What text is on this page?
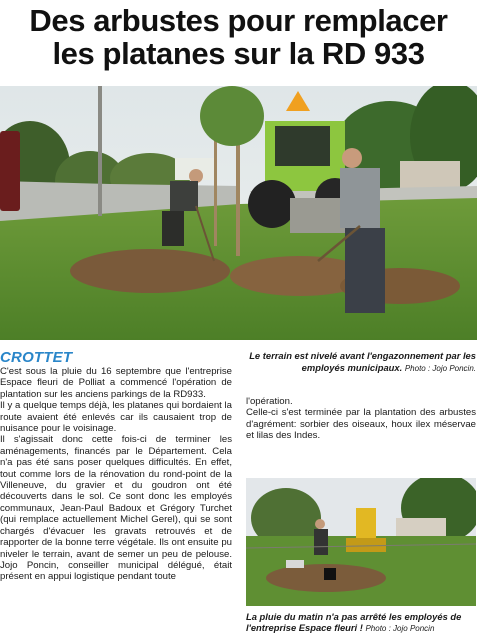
Des arbustes pour remplacer
les platanes sur la RD 933
CROTTET

C'est sous la pluie du 16 septembre que l'entreprise Espace fleuri de Polliat a commencé l'opération de plantation sur les anciens parkings de la RD933.

Il y a quelque temps déjà, les platanes qui bordaient la route avaient été enlevés car ils causaient trop de nuisance pour le voisinage.

Il s'agissait donc cette fois-ci de terminer les aménagements, financés par le Département. Cela n'a pas été sans poser quelques difficultés. En effet, tout comme lors de la rénovation du rond-point de la Villeneuve, du gravier et du goudron ont été découverts dans le sol. Ce sont donc les employés communaux, Jean-Paul Badoux et Grégory Turchet (qui remplace actuellement Michel Gerel), qui se sont chargés d'évacuer les gravats retrouvés et de rapporter de la bonne terre végétale. Ils ont ensuite pu niveler le terrain, avant de semer un peu de pelouse. Jojo Poncin, conseiller municipal délégué, était présent en appui logistique pendant toute

Le terrain est nivelé avant l'engazonnement par les employés municipaux. Photo : Jojo Poncin.

l'opération.

Celle-ci s'est terminée par la plantation des arbustes d'agrément: sorbier des oiseaux, houx ilex méservae et lilas des Indes.

La pluie du matin n'a pas arrêté les employés de l'entreprise Espace fleuri ! Photo : Jojo Poncin
